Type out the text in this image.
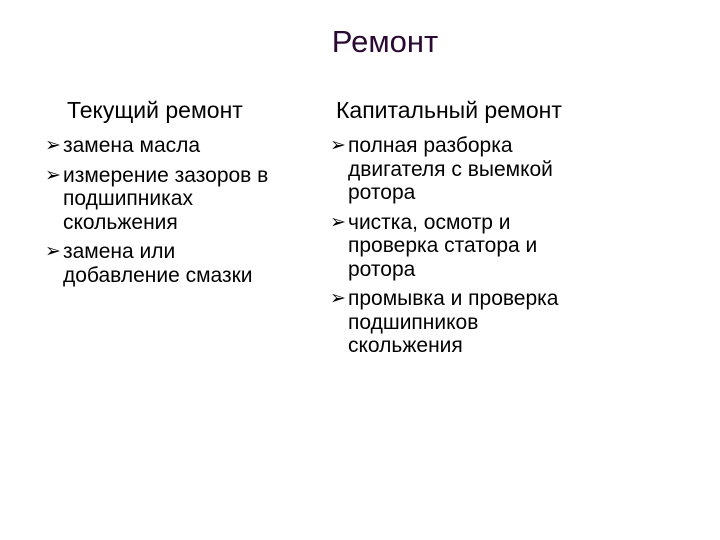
Ремонт
Текущий ремонт
➢ замена масла
➢ измерение зазоров в
подшипниках
скольжения
➢ замена или
добавление смазки
Капитальный ремонт
➢ полная разборка
двигателя с выемкой
ротора
➢ чистка, осмотр и
проверка статора и
ротора
➢ промывка и проверка
подшипников
скольжения
